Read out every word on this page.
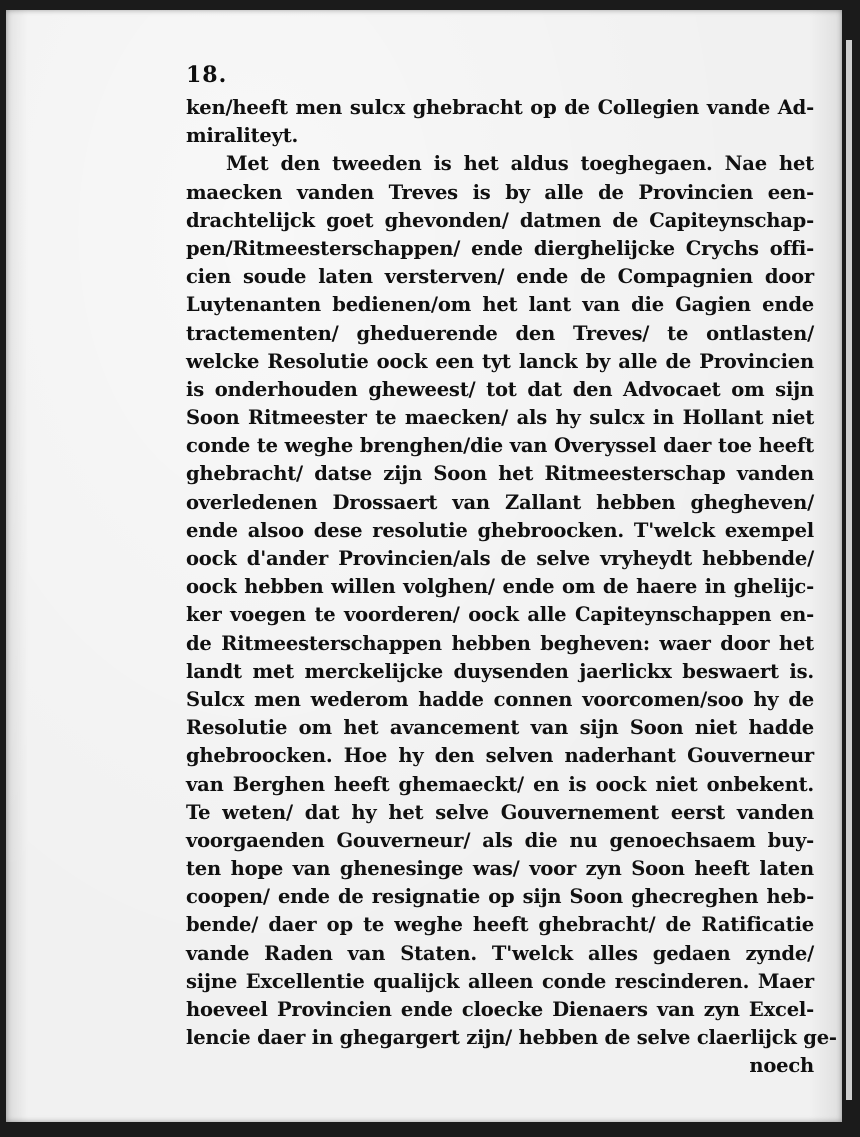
18.
ken/heeft men sulcx ghebracht op de Collegien vande Ad-
miraliteyt.
Met den tweeden is het aldus toeghegaen. Nae het
maecken vanden Treves is by alle de Provincien een-
drachtelijck goet ghevonden/ datmen de Capiteynschap-
pen/Ritmeesterschappen/ ende dierghelijcke Crychs offi-
cien soude laten versterven/ ende de Compagnien door
Luytenanten bedienen/om het lant van die Gagien ende
tractementen/ gheduerende den Treves/ te ontlasten/
welcke Resolutie oock een tyt lanck by alle de Provincien
is onderhouden gheweest/ tot dat den Advocaet om sijn
Soon Ritmeester te maecken/ als hy sulcx in Hollant niet
conde te weghe brenghen/die van Overyssel daer toe heeft
ghebracht/ datse zijn Soon het Ritmeesterschap vanden
overledenen Drossaert van Zallant hebben ghegheven/
ende alsoo dese resolutie ghebroocken. T'welck exempel
oock d'ander Provincien/als de selve vryheydt hebbende/
oock hebben willen volghen/ ende om de haere in ghelijc-
ker voegen te voorderen/ oock alle Capiteynschappen en-
de Ritmeesterschappen hebben begheven: waer door het
landt met merckelijcke duysenden jaerlickx beswaert is.
Sulcx men wederom hadde connen voorcomen/soo hy de
Resolutie om het avancement van sijn Soon niet hadde
ghebroocken. Hoe hy den selven naderhant Gouverneur
van Berghen heeft ghemaeckt/ en is oock niet onbekent.
Te weten/ dat hy het selve Gouvernement eerst vanden
voorgaenden Gouverneur/ als die nu genoechsaem buy-
ten hope van ghenesinge was/ voor zyn Soon heeft laten
coopen/ ende de resignatie op sijn Soon ghecreghen heb-
bende/ daer op te weghe heeft ghebracht/ de Ratificatie
vande Raden van Staten. T'welck alles gedaen zynde/
sijne Excellentie qualijck alleen conde rescinderen. Maer
hoeveel Provincien ende cloecke Dienaers van zyn Excel-
lencie daer in ghegargert zijn/ hebben de selve claerlijck ge-
noech
